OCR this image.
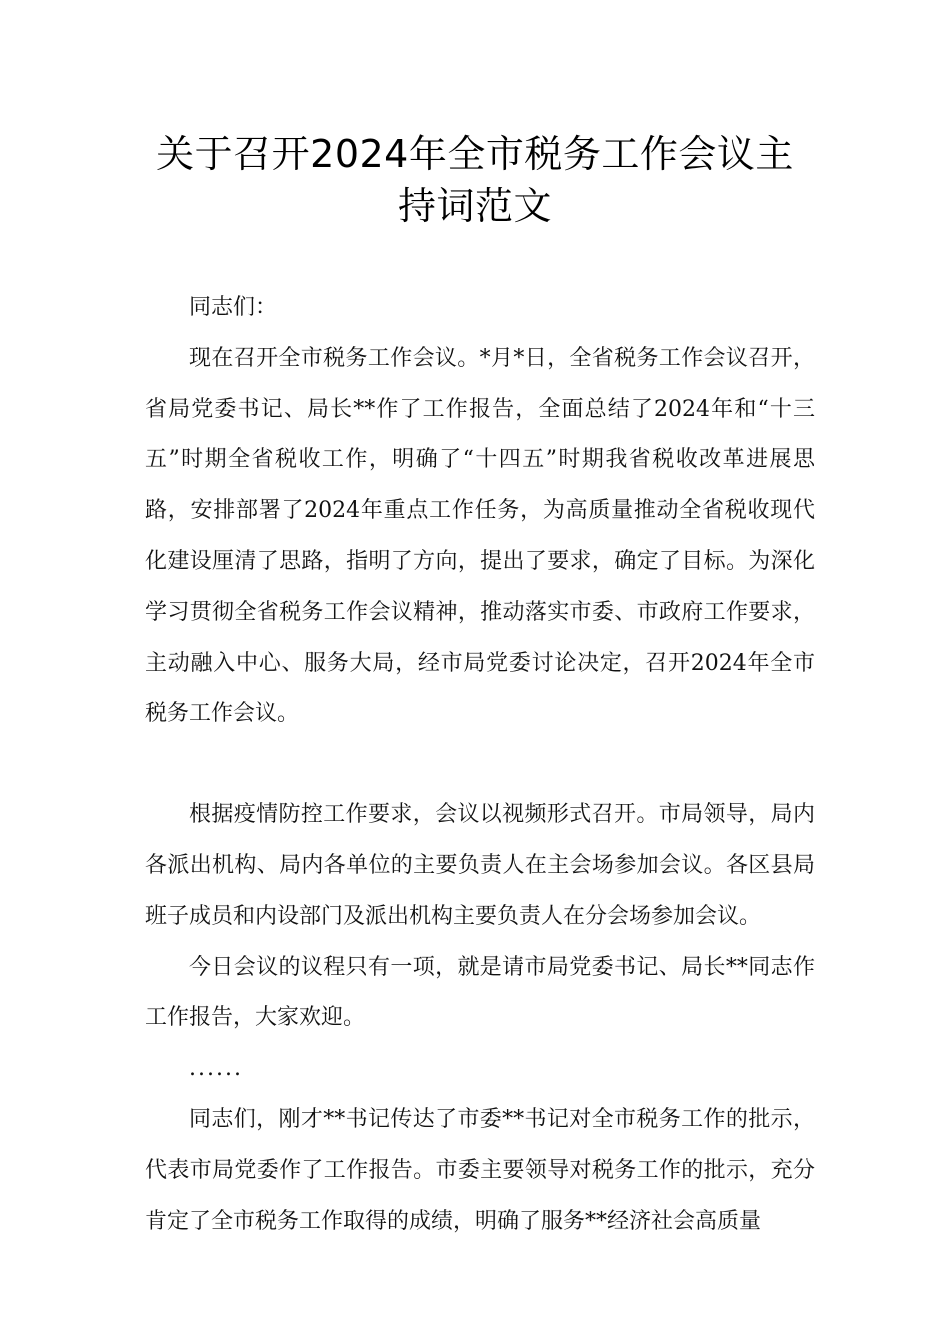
关于召开2024年全市税务工作会议主
持词范文

同志们：

现在召开全市税务工作会议。*月*日，全省税务工作会议召开，省局党委书记、局长**作了工作报告，全面总结了2024年和“十三五”时期全省税收工作，明确了“十四五”时期我省税收改革进展思路，安排部署了2024年重点工作任务，为高质量推动全省税收现代化建设厘清了思路，指明了方向，提出了要求，确定了目标。为深化学习贯彻全省税务工作会议精神，推动落实市委、市政府工作要求，主动融入中心、服务大局，经市局党委讨论决定，召开2024年全市税务工作会议。

根据疫情防控工作要求，会议以视频形式召开。市局领导，局内各派出机构、局内各单位的主要负责人在主会场参加会议。各区县局班子成员和内设部门及派出机构主要负责人在分会场参加会议。

今日会议的议程只有一项，就是请市局党委书记、局长**同志作工作报告，大家欢迎。

......

同志们，刚才**书记传达了市委**书记对全市税务工作的批示，代表市局党委作了工作报告。市委主要领导对税务工作的批示，充分肯定了全市税务工作取得的成绩，明确了服务**经济社会高质量
